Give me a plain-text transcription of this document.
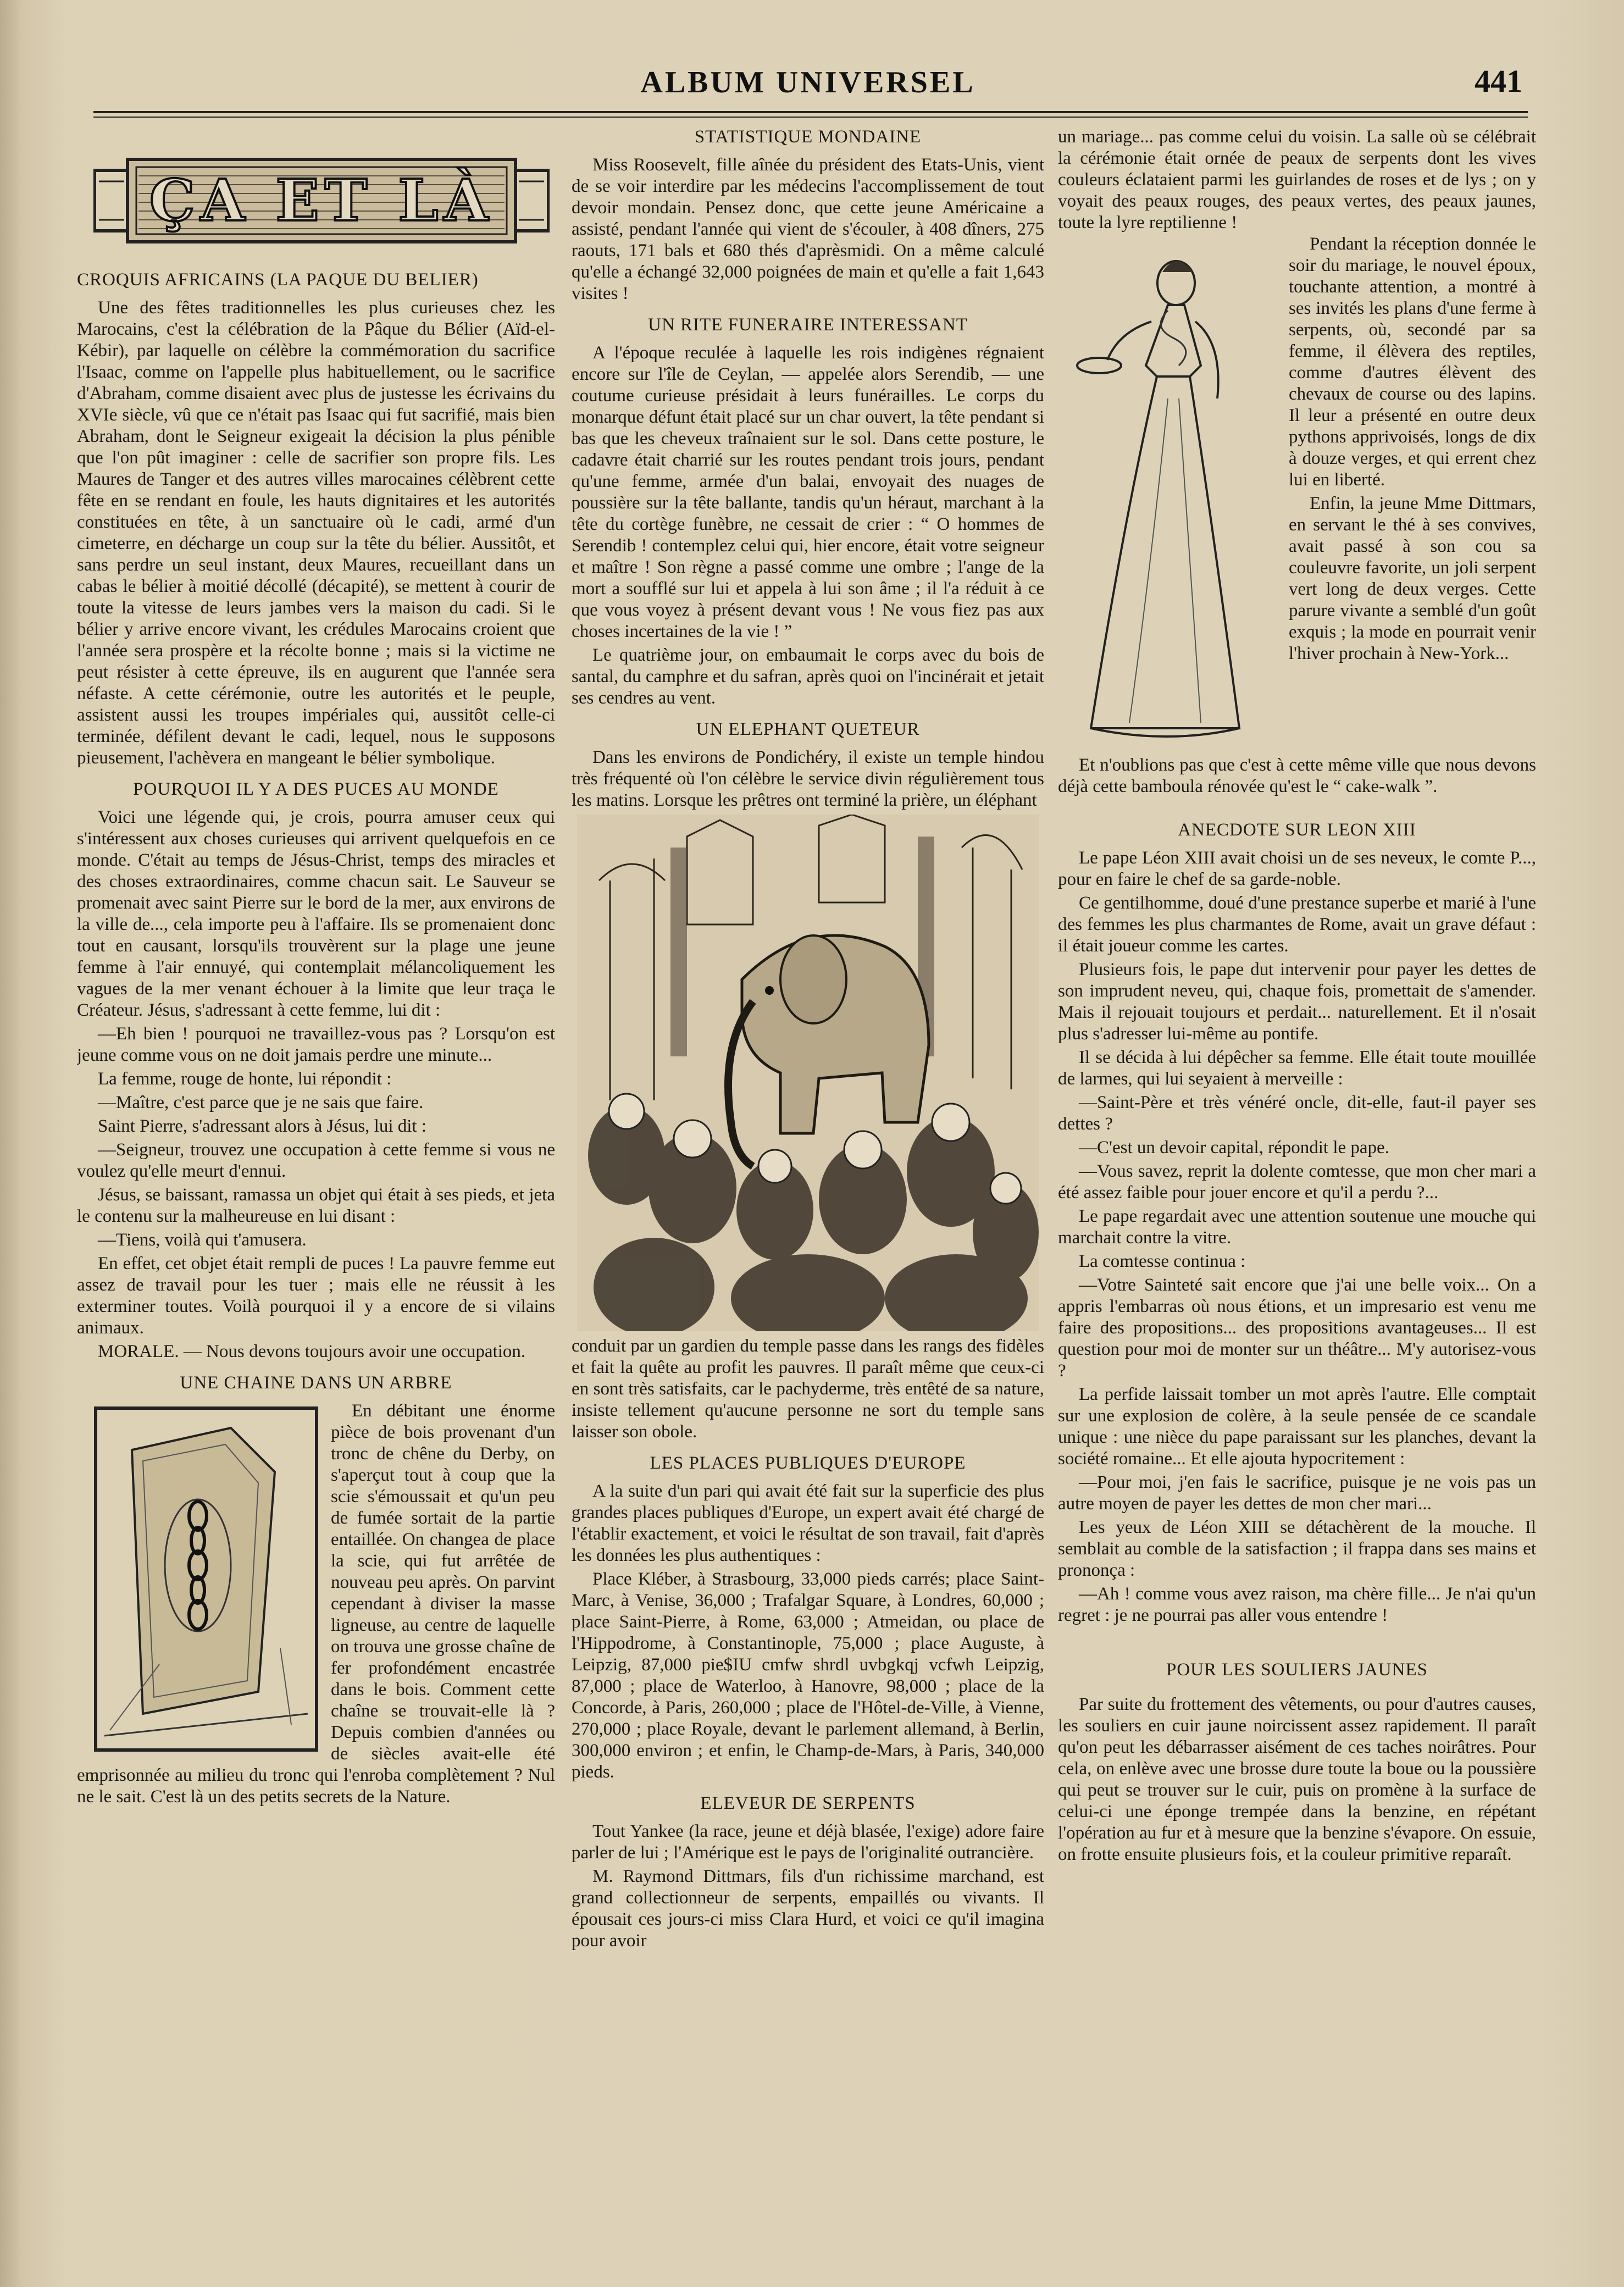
ALBUM UNIVERSEL	441
ÇA ET LÀ
CROQUIS AFRICAINS (LA PAQUE DU BELIER)

Une des fêtes traditionnelles les plus curieuses chez les Marocains, c'est la célébration de la Pâque du Bélier (Aïd-el-Kébir), par laquelle on célèbre la commémoration du sacrifice l'Isaac, comme on l'appelle plus habituellement, ou le sacrifice d'Abraham, comme disaient avec plus de justesse les écrivains du XVIe siècle, vû que ce n'était pas Isaac qui fut sacrifié, mais bien Abraham, dont le Seigneur exigeait la décision la plus pénible que l'on pût imaginer : celle de sacrifier son propre fils. Les Maures de Tanger et des autres villes marocaines célèbrent cette fête en se rendant en foule, les hauts dignitaires et les autorités constituées en tête, à un sanctuaire où le cadi, armé d'un cimeterre, en décharge un coup sur la tête du bélier. Aussitôt, et sans perdre un seul instant, deux Maures, recueillant dans un cabas le bélier à moitié décollé (décapité), se mettent à courir de toute la vitesse de leurs jambes vers la maison du cadi. Si le bélier y arrive encore vivant, les crédules Marocains croient que l'année sera prospère et la récolte bonne ; mais si la victime ne peut résister à cette épreuve, ils en augurent que l'année sera néfaste. A cette cérémonie, outre les autorités et le peuple, assistent aussi les troupes impériales qui, aussitôt celle-ci terminée, défilent devant le cadi, lequel, nous le supposons pieusement, l'achèvera en mangeant le bélier symbolique.

POURQUOI IL Y A DES PUCES AU MONDE

Voici une légende qui, je crois, pourra amuser ceux qui s'intéressent aux choses curieuses qui arrivent quelquefois en ce monde. C'était au temps de Jésus-Christ, temps des miracles et des choses extraordinaires, comme chacun sait. Le Sauveur se promenait avec saint Pierre sur le bord de la mer, aux environs de la ville de..., cela importe peu à l'affaire. Ils se promenaient donc tout en causant, lorsqu'ils trouvèrent sur la plage une jeune femme à l'air ennuyé, qui contemplait mélancoliquement les vagues de la mer venant échouer à la limite que leur traça le Créateur. Jésus, s'adressant à cette femme, lui dit :

—Eh bien ! pourquoi ne travaillez-vous pas ? Lorsqu'on est jeune comme vous on ne doit jamais perdre une minute...

La femme, rouge de honte, lui répondit :

—Maître, c'est parce que je ne sais que faire.

Saint Pierre, s'adressant alors à Jésus, lui dit :

—Seigneur, trouvez une occupation à cette femme si vous ne voulez qu'elle meurt d'ennui.

Jésus, se baissant, ramassa un objet qui était à ses pieds, et jeta le contenu sur la malheureuse en lui disant :

—Tiens, voilà qui t'amusera.

En effet, cet objet était rempli de puces ! La pauvre femme eut assez de travail pour les tuer ; mais elle ne réussit à les exterminer toutes. Voilà pourquoi il y a encore de si vilains animaux.

MORALE. — Nous devons toujours avoir une occupation.

UNE CHAINE DANS UN ARBRE

En débitant une énorme pièce de bois provenant d'un tronc de chêne du Derby, on s'aperçut tout à coup que la scie s'émoussait et qu'un peu de fumée sortait de la partie entaillée. On changea de place la scie, qui fut arrêtée de nouveau peu après. On parvint cependant à diviser la masse ligneuse, au centre de laquelle on trouva une grosse chaîne de fer profondément encastrée dans le bois. Comment cette chaîne se trouvait-elle là ? Depuis combien d'années ou de siècles avait-elle été emprisonnée au milieu du tronc qui l'enroba complètement ? Nul ne le sait. C'est là un des petits secrets de la Nature.

STATISTIQUE MONDAINE

Miss Roosevelt, fille aînée du président des Etats-Unis, vient de se voir interdire par les médecins l'accomplissement de tout devoir mondain. Pensez donc, que cette jeune Américaine a assisté, pendant l'année qui vient de s'écouler, à 408 dîners, 275 raouts, 171 bals et 680 thés d'aprèsmidi. On a même calculé qu'elle a échangé 32,000 poignées de main et qu'elle a fait 1,643 visites !

UN RITE FUNERAIRE INTERESSANT

A l'époque reculée à laquelle les rois indigènes régnaient encore sur l'île de Ceylan, — appelée alors Serendib, — une coutume curieuse présidait à leurs funérailles. Le corps du monarque défunt était placé sur un char ouvert, la tête pendant si bas que les cheveux traînaient sur le sol. Dans cette posture, le cadavre était charrié sur les routes pendant trois jours, pendant qu'une femme, armée d'un balai, envoyait des nuages de poussière sur la tête ballante, tandis qu'un héraut, marchant à la tête du cortège funèbre, ne cessait de crier : “ O hommes de Serendib ! contemplez celui qui, hier encore, était votre seigneur et maître ! Son règne a passé comme une ombre ; l'ange de la mort a soufflé sur lui et appela à lui son âme ; il l'a réduit à ce que vous voyez à présent devant vous ! Ne vous fiez pas aux choses incertaines de la vie ! ”

Le quatrième jour, on embaumait le corps avec du bois de santal, du camphre et du safran, après quoi on l'incinérait et jetait ses cendres au vent.

UN ELEPHANT QUETEUR

Dans les environs de Pondichéry, il existe un temple hindou très fréquenté où l'on célèbre le service divin régulièrement tous les matins. Lorsque les prêtres ont terminé la prière, un éléphant

conduit par un gardien du temple passe dans les rangs des fidèles et fait la quête au profit les pauvres. Il paraît même que ceux-ci en sont très satisfaits, car le pachyderme, très entêté de sa nature, insiste tellement qu'aucune personne ne sort du temple sans laisser son obole.

LES PLACES PUBLIQUES D'EUROPE

A la suite d'un pari qui avait été fait sur la superficie des plus grandes places publiques d'Europe, un expert avait été chargé de l'établir exactement, et voici le résultat de son travail, fait d'après les données les plus authentiques :

Place Kléber, à Strasbourg, 33,000 pieds carrés; place Saint-Marc, à Venise, 36,000 ; Trafalgar Square, à Londres, 60,000 ; place Saint-Pierre, à Rome, 63,000 ; Atmeidan, ou place de l'Hippodrome, à Constantinople, 75,000 ; place Auguste, à Leipzig, 87,000 pie$IU cmfw shrdl uvbgkqj vcfwh Leipzig, 87,000 ; place de Waterloo, à Hanovre, 98,000 ; place de la Concorde, à Paris, 260,000 ; place de l'Hôtel-de-Ville, à Vienne, 270,000 ; place Royale, devant le parlement allemand, à Berlin, 300,000 environ ; et enfin, le Champ-de-Mars, à Paris, 340,000 pieds.

ELEVEUR DE SERPENTS

Tout Yankee (la race, jeune et déjà blasée, l'exige) adore faire parler de lui ; l'Amérique est le pays de l'originalité outrancière.

M. Raymond Dittmars, fils d'un richissime marchand, est grand collectionneur de serpents, empaillés ou vivants. Il épousait ces jours-ci miss Clara Hurd, et voici ce qu'il imagina pour avoir

un mariage... pas comme celui du voisin. La salle où se célébrait la cérémonie était ornée de peaux de serpents dont les vives couleurs éclataient parmi les guirlandes de roses et de lys ; on y voyait des peaux rouges, des peaux vertes, des peaux jaunes, toute la lyre reptilienne !

Pendant la réception donnée le soir du mariage, le nouvel époux, touchante attention, a montré à ses invités les plans d'une ferme à serpents, où, secondé par sa femme, il élèvera des reptiles, comme d'autres élèvent des chevaux de course ou des lapins. Il leur a présenté en outre deux pythons apprivoisés, longs de dix à douze verges, et qui errent chez lui en liberté.

Enfin, la jeune Mme Dittmars, en servant le thé à ses convives, avait passé à son cou sa couleuvre favorite, un joli serpent vert long de deux verges. Cette parure vivante a semblé d'un goût exquis ; la mode en pourrait venir l'hiver prochain à New-York...

Et n'oublions pas que c'est à cette même ville que nous devons déjà cette bamboula rénovée qu'est le “ cake-walk ”.

ANECDOTE SUR LEON XIII

Le pape Léon XIII avait choisi un de ses neveux, le comte P..., pour en faire le chef de sa garde-noble.

Ce gentilhomme, doué d'une prestance superbe et marié à l'une des femmes les plus charmantes de Rome, avait un grave défaut : il était joueur comme les cartes.

Plusieurs fois, le pape dut intervenir pour payer les dettes de son imprudent neveu, qui, chaque fois, promettait de s'amender. Mais il rejouait toujours et perdait... naturellement. Et il n'osait plus s'adresser lui-même au pontife.

Il se décida à lui dépêcher sa femme. Elle était toute mouillée de larmes, qui lui seyaient à merveille :

—Saint-Père et très vénéré oncle, dit-elle, faut-il payer ses dettes ?

—C'est un devoir capital, répondit le pape.

—Vous savez, reprit la dolente comtesse, que mon cher mari a été assez faible pour jouer encore et qu'il a perdu ?...

Le pape regardait avec une attention soutenue une mouche qui marchait contre la vitre.

La comtesse continua :

—Votre Sainteté sait encore que j'ai une belle voix... On a appris l'embarras où nous étions, et un impresario est venu me faire des propositions... des propositions avantageuses... Il est question pour moi de monter sur un théâtre... M'y autorisez-vous ?

La perfide laissait tomber un mot après l'autre. Elle comptait sur une explosion de colère, à la seule pensée de ce scandale unique : une nièce du pape paraissant sur les planches, devant la société romaine... Et elle ajouta hypocritement :

—Pour moi, j'en fais le sacrifice, puisque je ne vois pas un autre moyen de payer les dettes de mon cher mari...

Les yeux de Léon XIII se détachèrent de la mouche. Il semblait au comble de la satisfaction ; il frappa dans ses mains et prononça :

—Ah ! comme vous avez raison, ma chère fille... Je n'ai qu'un regret : je ne pourrai pas aller vous entendre !

POUR LES SOULIERS JAUNES

Par suite du frottement des vêtements, ou pour d'autres causes, les souliers en cuir jaune noircissent assez rapidement. Il paraît qu'on peut les débarrasser aisément de ces taches noirâtres. Pour cela, on enlève avec une brosse dure toute la boue ou la poussière qui peut se trouver sur le cuir, puis on promène à la surface de celui-ci une éponge trempée dans la benzine, en répétant l'opération au fur et à mesure que la benzine s'évapore. On essuie, on frotte ensuite plusieurs fois, et la couleur primitive reparaît.
